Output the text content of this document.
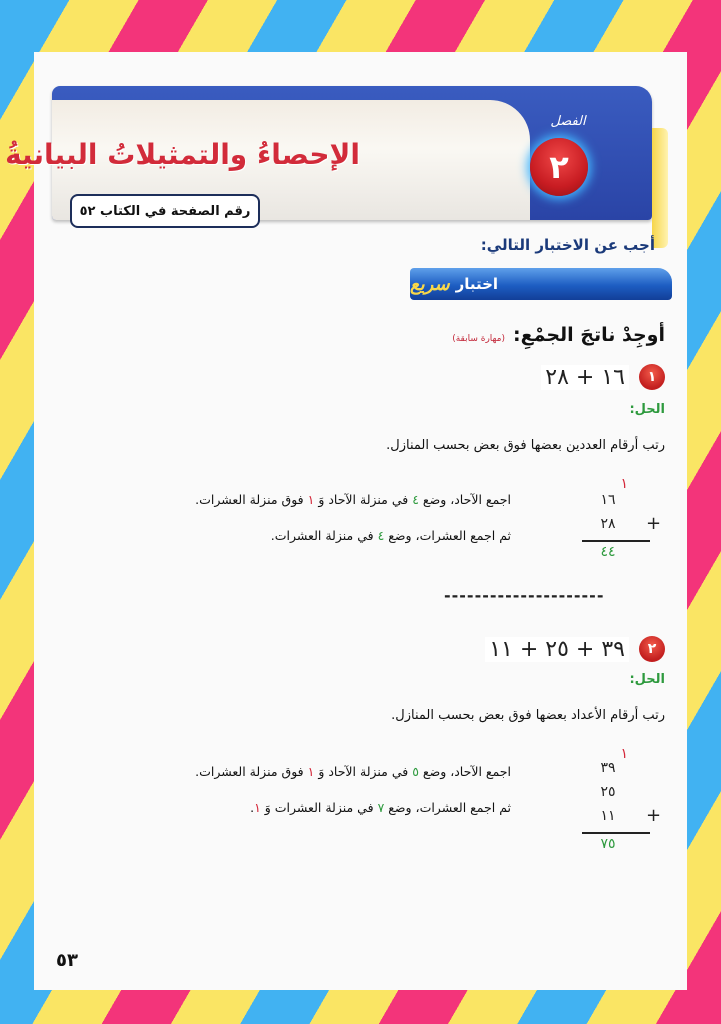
الإحصاءُ والتمثيلاتُ البيانيةُ
رقم الصفحة في الكتاب ٥٢
الفصل
٢
أجب عن الاختبار التالي:
اختبار
سريع
أوجِدْ ناتجَ الجمْعِ:
(مهارة سابقة)
١
١٦ + ٢٨
الحل:
رتب أرقام العددين بعضها فوق بعض بحسب المنازل.
اجمع الآحاد، وضع ٤ في منزلة الآحاد وَ ١ فوق منزلة العشرات.
ثم اجمع العشرات، وضع ٤ في منزلة العشرات.
١
١٦
٢٨	+
٤٤
---------------------
٢
٣٩ + ٢٥ + ١١
الحل:
رتب أرقام الأعداد بعضها فوق بعض بحسب المنازل.
اجمع الآحاد، وضع ٥ في منزلة الآحاد وَ ١ فوق منزلة العشرات.
ثم اجمع العشرات، وضع ٧ في منزلة العشرات وَ ١.
١
٣٩
٢٥
١١	+
٧٥
٥٣
